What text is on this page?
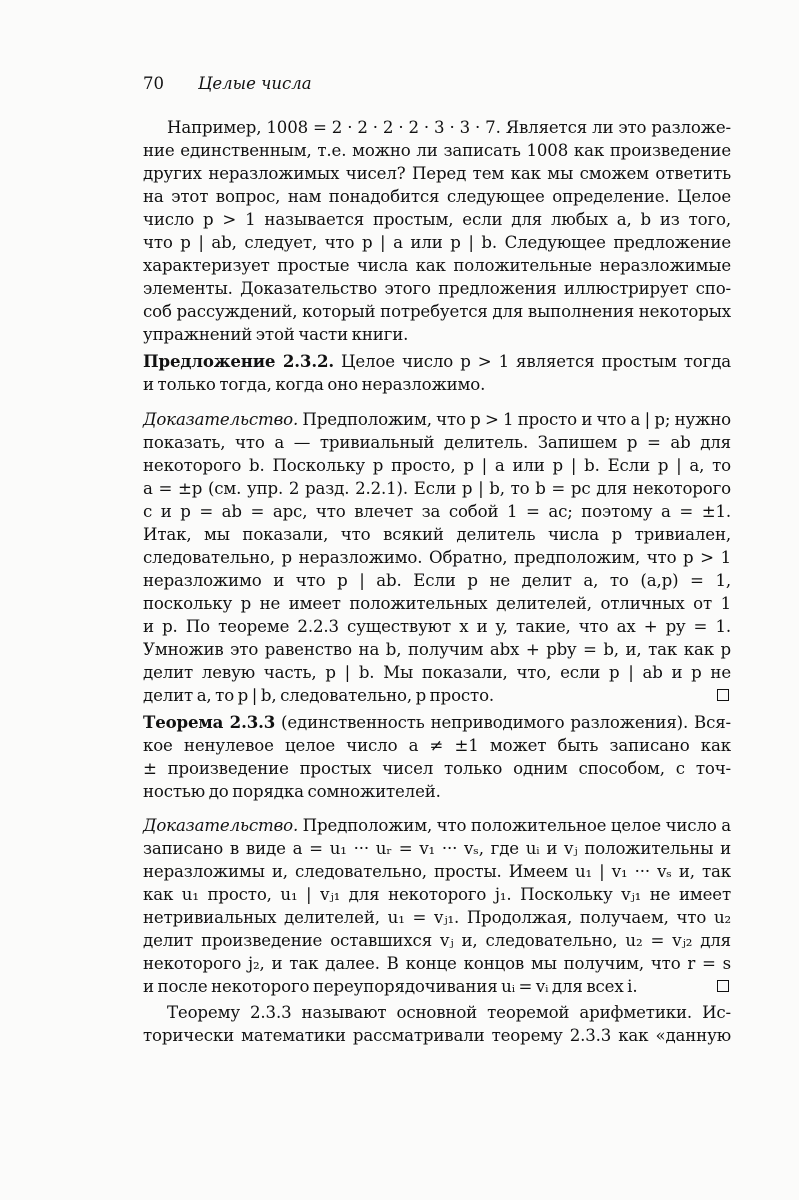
70 Целые числа
Например, 1008 = 2 · 2 · 2 · 2 · 3 · 3 · 7. Является ли это разложе-
ние единственным, т.е. можно ли записать 1008 как произведение
других неразложимых чисел? Перед тем как мы сможем ответить
на этот вопрос, нам понадобится следующее определение. Целое
число p > 1 называется простым, если для любых a, b из того,
что p | ab, следует, что p | a или p | b. Следующее предложение
характеризует простые числа как положительные неразложимые
элементы. Доказательство этого предложения иллюстрирует спо-
соб рассуждений, который потребуется для выполнения некоторых
упражнений этой части книги.
Предложение 2.3.2. Целое число p > 1 является простым тогда
и только тогда, когда оно неразложимо.
Доказательство. Предположим, что p > 1 просто и что a | p; нужно
показать, что a — тривиальный делитель. Запишем p = ab для
некоторого b. Поскольку p просто, p | a или p | b. Если p | a, то
a = ±p (см. упр. 2 разд. 2.2.1). Если p | b, то b = pc для некоторого
c и p = ab = apc, что влечет за собой 1 = ac; поэтому a = ±1.
Итак, мы показали, что всякий делитель числа p тривиален,
следовательно, p неразложимо. Обратно, предположим, что p > 1
неразложимо и что p | ab. Если p не делит a, то (a,p) = 1,
поскольку p не имеет положительных делителей, отличных от 1
и p. По теореме 2.2.3 существуют x и y, такие, что ax + py = 1.
Умножив это равенство на b, получим abx + pby = b, и, так как p
делит левую часть, p | b. Мы показали, что, если p | ab и p не
делит a, то p | b, следовательно, p просто.
Теорема 2.3.3 (единственность неприводимого разложения). Вся-
кое ненулевое целое число a ≠ ±1 может быть записано как
± произведение простых чисел только одним способом, с точ-
ностью до порядка сомножителей.
Доказательство. Предположим, что положительное целое число a
записано в виде a = u₁ ··· uᵣ = v₁ ··· vₛ, где uᵢ и vⱼ положительны и
неразложимы и, следовательно, просты. Имеем u₁ | v₁ ··· vₛ и, так
как u₁ просто, u₁ | vⱼ₁ для некоторого j₁. Поскольку vⱼ₁ не имеет
нетривиальных делителей, u₁ = vⱼ₁. Продолжая, получаем, что u₂
делит произведение оставшихся vⱼ и, следовательно, u₂ = vⱼ₂ для
некоторого j₂, и так далее. В конце концов мы получим, что r = s
и после некоторого переупорядочивания uᵢ = vᵢ для всех i.
Теорему 2.3.3 называют основной теоремой арифметики. Ис-
торически математики рассматривали теорему 2.3.3 как «данную
